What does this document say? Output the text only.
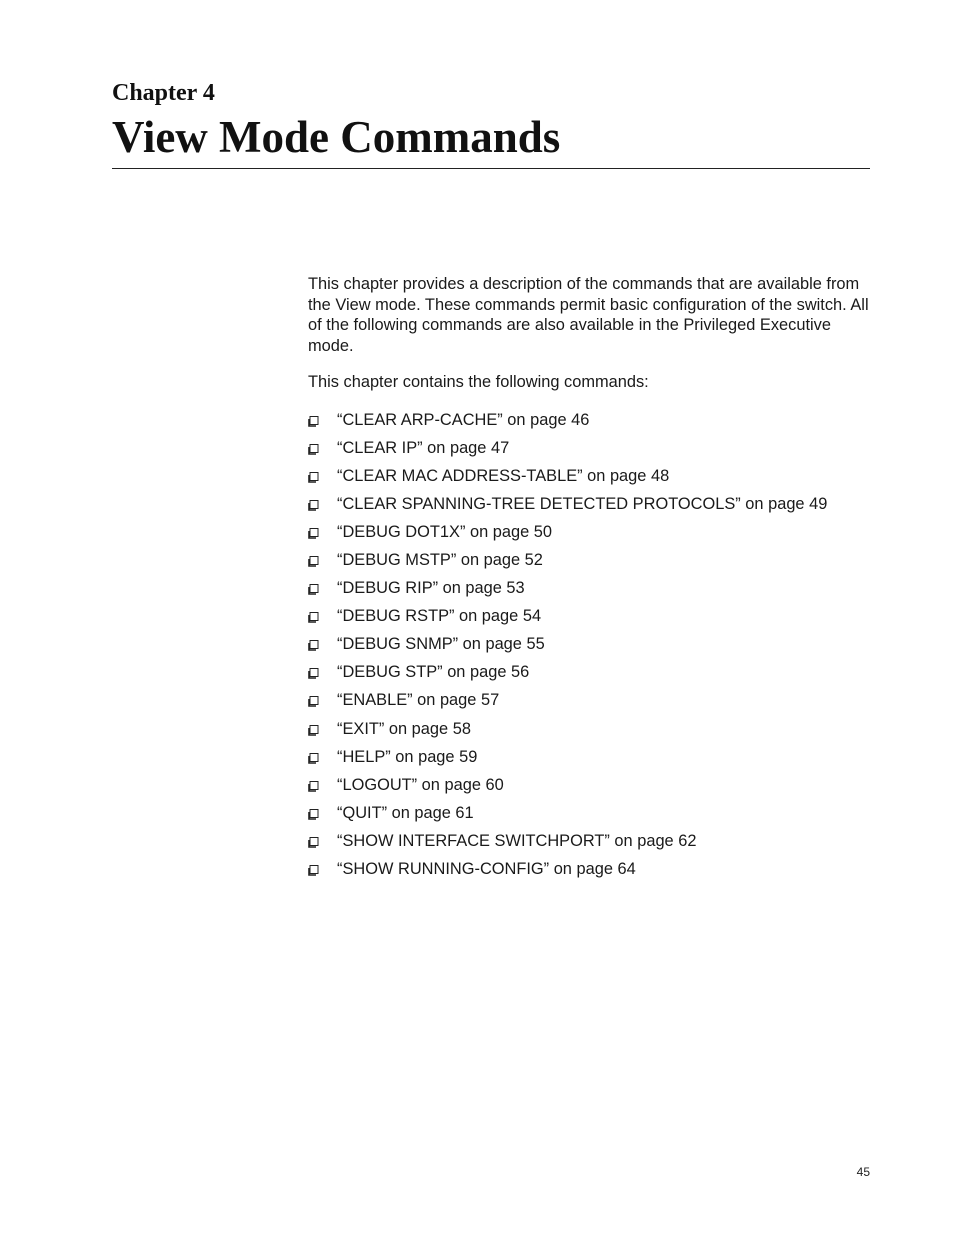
Chapter 4
View Mode Commands

This chapter provides a description of the commands that are available from the View mode. These commands permit basic configuration of the switch. All of the following commands are also available in the Privileged Executive mode.

This chapter contains the following commands:

“CLEAR ARP-CACHE” on page 46
“CLEAR IP” on page 47
“CLEAR MAC ADDRESS-TABLE” on page 48
“CLEAR SPANNING-TREE DETECTED PROTOCOLS” on page 49
“DEBUG DOT1X” on page 50
“DEBUG MSTP” on page 52
“DEBUG RIP” on page 53
“DEBUG RSTP” on page 54
“DEBUG SNMP” on page 55
“DEBUG STP” on page 56
“ENABLE” on page 57
“EXIT” on page 58
“HELP” on page 59
“LOGOUT” on page 60
“QUIT” on page 61
“SHOW INTERFACE SWITCHPORT” on page 62
“SHOW RUNNING-CONFIG” on page 64
45
